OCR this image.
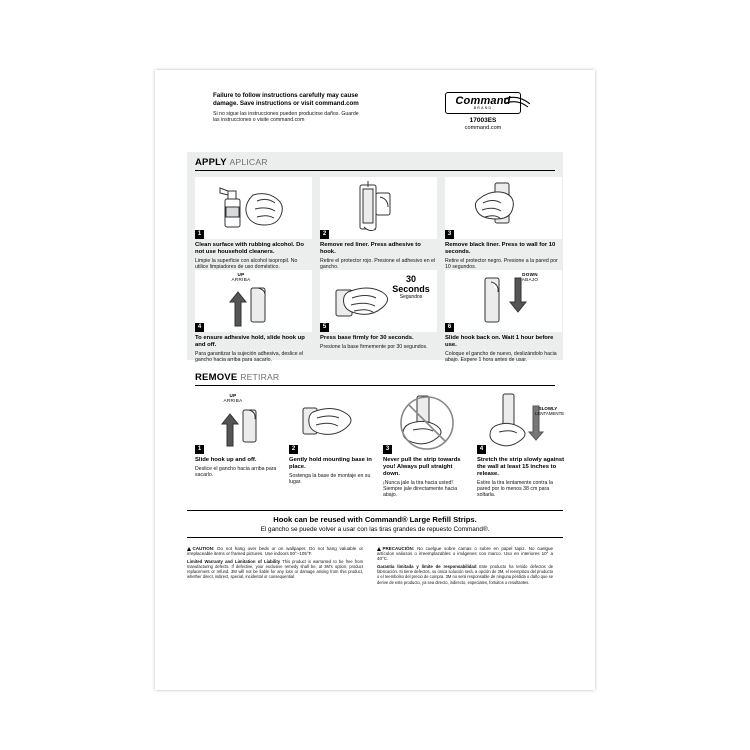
Failure to follow instructions carefully may cause damage. Save instructions or visit command.com
Si no sigue las instrucciones pueden producirse daños. Guarde las instrucciones o visite command.com
Command
BRAND
17003ES
command.com
APPLY APLICAR
1
Clean surface with rubbing alcohol. Do not use household cleaners.
Limpie la superficie con alcohol isopropil. No utilice limpiadores de uso doméstico.
2
Remove red liner. Press adhesive to hook.
Retire el protector rojo. Presione el adhesivo en el gancho.
3
Remove black liner. Press to wall for 10 seconds.
Retire el protector negro. Presione a la pared por 10 segundos.
UP
ARRIBA
4
To ensure adhesive hold, slide hook up and off.
Para garantizar la sujeción adhesiva, deslice el gancho hacia arriba para sacarlo.
30 Seconds
Segundos
5
Press base firmly for 30 seconds.
Presione la base firmemente por 30 segundos.
DOWN
ABAJO
6
Slide hook back on. Wait 1 hour before use.
Coloque el gancho de nuevo, deslizándolo hacia abajo. Espere 1 hora antes de usar.
REMOVE RETIRAR
UP
ARRIBA
1
Slide hook up and off.
Deslice el gancho hacia arriba para sacarlo.
2
Gently hold mounting base in place.
Sostenga la base de montaje en su lugar.
3
Never pull the strip towards you! Always pull straight down.
¡Nunca jale la tira hacia usted! Siempre jale directamente hacia abajo.
SLOWLY
LENTAMENTE
4
Stretch the strip slowly against the wall at least 15 inches to release.
Estire la tira lentamente contra la pared por lo menos 38 cm para soltarla.
Hook can be reused with Command® Large Refill Strips.
El gancho se puede volver a usar con las tiras grandes de repuesto Command®.
CAUTION: Do not hang over beds or on wallpaper. Do not hang valuable or irreplaceable items or framed pictures. Use indoors 50°–105°F.
Limited Warranty and Limitation of Liability This product is warranted to be free from manufacturing defects. If defective, your exclusive remedy shall be, at 3M's option, product replacement or refund. 3M will not be liable for any loss or damage arising from this product, whether direct, indirect, special, incidental or consequential.
PRECAUCIÓN: No cuelgue sobre camas o sobre en papel tapiz. No cuelgue artículos valiosos o irreemplazables o imágenes con marco. Uso en interiores 10° a 40°C.
Garantía limitada y límite de responsabilidad Este producto ha tenido defectos de fabricación. Si tiene defectos, su única solución será, a opción de 3M, el reemplazo del producto o el reembolso del precio de compra. 3M no será responsable de ninguna pérdida o daño que se derive de este producto, ya sea directo, indirecto, especiales, fortuitos o resultantes.
